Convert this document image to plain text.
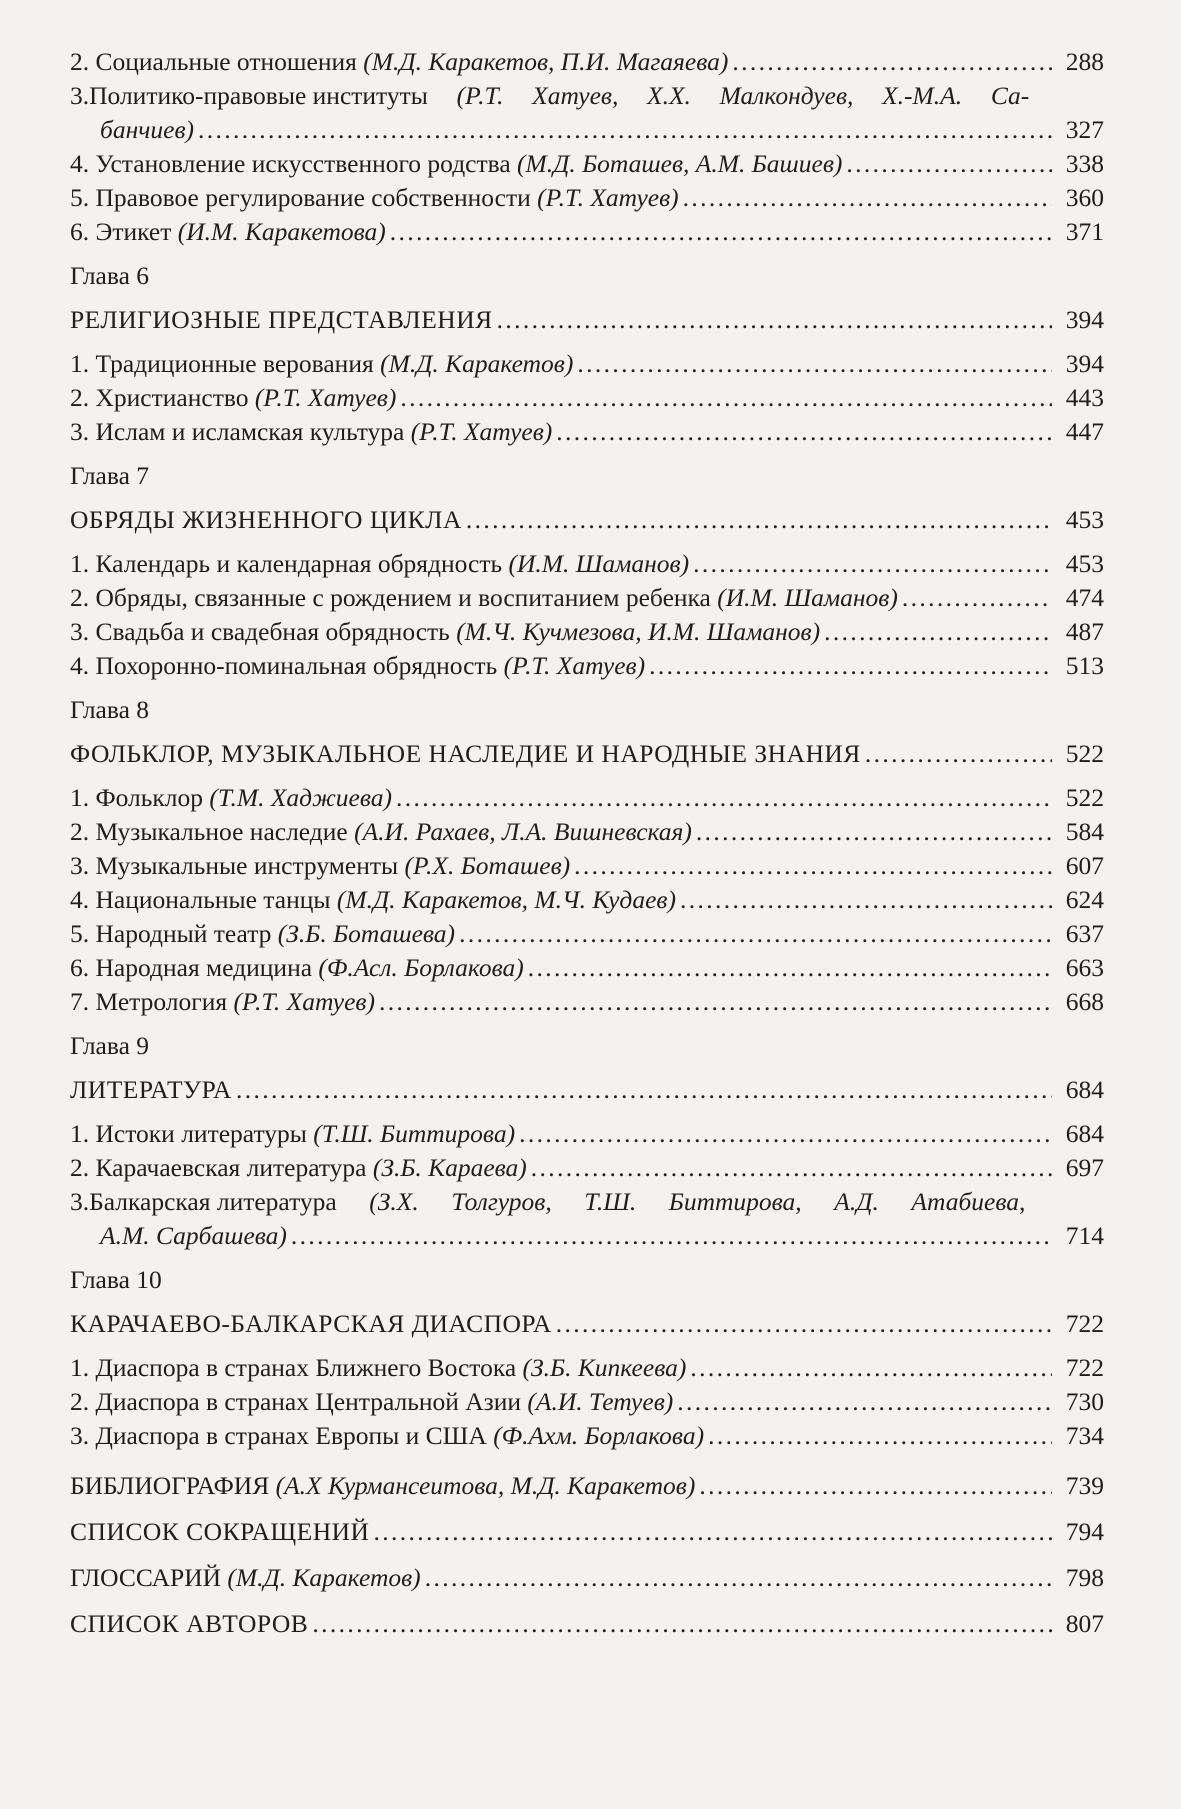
2. Социальные отношения (М.Д. Каракетов, П.И. Магаяева) . . .	288
3.Политико-правовые институты (Р.Т. Хатуев, Х.Х. Малкондуев, Х.-М.А. Са-
банчиев) . . .	327
4. Установление искусственного родства (М.Д. Боташев, А.М. Башиев) . . .	338
5. Правовое регулирование собственности (Р.Т. Хатуев) . . .	360
6. Этикет (И.М. Каракетова) . . .	371
Глава 6
РЕЛИГИОЗНЫЕ ПРЕДСТАВЛЕНИЯ . . .	394
1. Традиционные верования (М.Д. Каракетов) . . .	394
2. Христианство (Р.Т. Хатуев) . . .	443
3. Ислам и исламская культура (Р.Т. Хатуев) . . .	447
Глава 7
ОБРЯДЫ ЖИЗНЕННОГО ЦИКЛА . . .	453
1. Календарь и календарная обрядность (И.М. Шаманов) . . .	453
2. Обряды, связанные с рождением и воспитанием ребенка (И.М. Шаманов) . . .	474
3. Свадьба и свадебная обрядность (М.Ч. Кучмезова, И.М. Шаманов) . . .	487
4. Похоронно-поминальная обрядность (Р.Т. Хатуев) . . .	513
Глава 8
ФОЛЬКЛОР, МУЗЫКАЛЬНОЕ НАСЛЕДИЕ И НАРОДНЫЕ ЗНАНИЯ . . .	522
1. Фольклор (Т.М. Хаджиева) . . .	522
2. Музыкальное наследие (А.И. Рахаев, Л.А. Вишневская) . . .	584
3. Музыкальные инструменты (Р.Х. Боташев) . . .	607
4. Национальные танцы (М.Д. Каракетов, М.Ч. Кудаев) . . .	624
5. Народный театр (З.Б. Боташева) . . .	637
6. Народная медицина (Ф.Асл. Борлакова) . . .	663
7. Метрология (Р.Т. Хатуев) . . .	668
Глава 9
ЛИТЕРАТУРА . . .	684
1. Истоки литературы (Т.Ш. Биттирова) . . .	684
2. Карачаевская литература (З.Б. Караева) . . .	697
3.Балкарская литература (З.Х. Толгуров, Т.Ш. Биттирова, А.Д. Атабиева,
А.М. Сарбашева) . . .	714
Глава 10
КАРАЧАЕВО-БАЛКАРСКАЯ ДИАСПОРА . . .	722
1. Диаспора в странах Ближнего Востока (З.Б. Кипкеева) . . .	722
2. Диаспора в странах Центральной Азии (А.И. Тетуев) . . .	730
3. Диаспора в странах Европы и США (Ф.Ахм. Борлакова) . . .	734
БИБЛИОГРАФИЯ (А.Х Курмансеитова, М.Д. Каракетов) . . .	739
СПИСОК СОКРАЩЕНИЙ . . .	794
ГЛОССАРИЙ (М.Д. Каракетов) . . .	798
СПИСОК АВТОРОВ . . .	807
